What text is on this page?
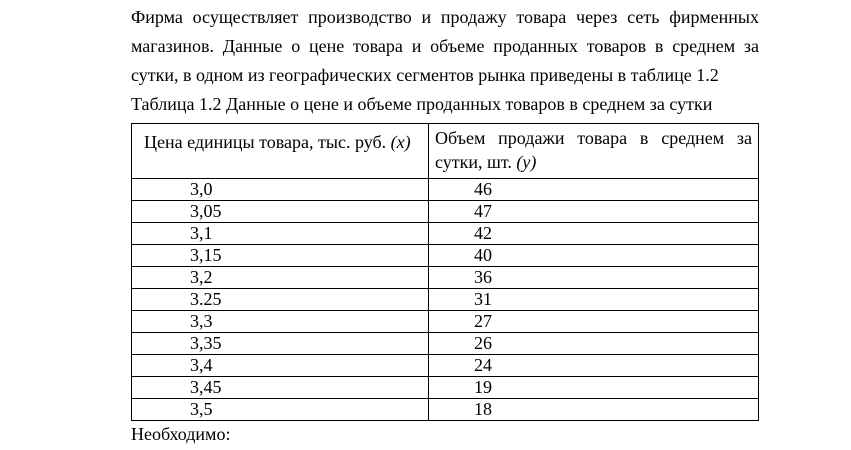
Фирма осуществляет производство и продажу товара через сеть фирменных

магазинов. Данные о цене товара и объеме проданных товаров в среднем за

сутки, в одном из географических сегментов рынка приведены в таблице 1.2

Таблица 1.2 Данные о цене и объеме проданных товаров в среднем за сутки

Цена единицы товара, тыс. руб. (x)	Объем продажи товара в среднем за сутки, шт. (y)
3,0	46
3,05	47
3,1	42
3,15	40
3,2	36
3.25	31
3,3	27
3,35	26
3,4	24
3,45	19
3,5	18

Необходимо:
